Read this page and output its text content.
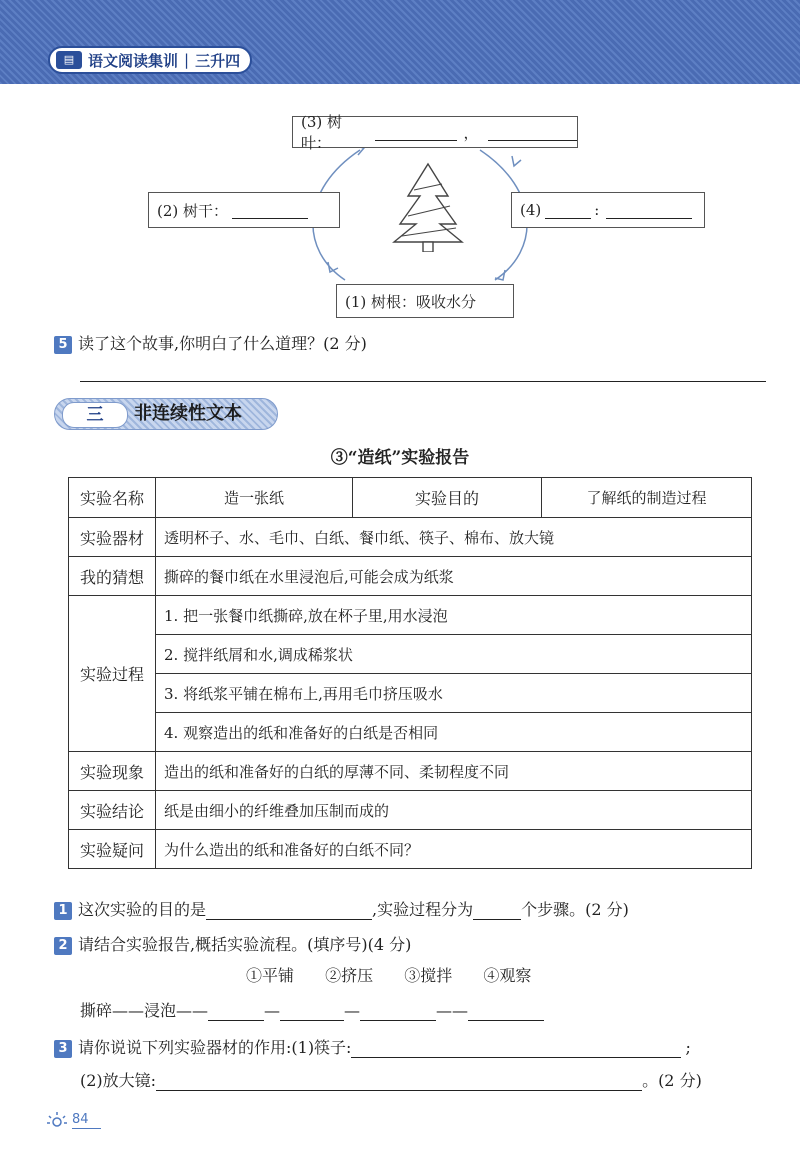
▤ 语文阅读集训 | 三升四
(3) 树叶：
，
(2) 树干：	(4)	:
(1) 树根：吸收水分
5 读了这个故事,你明白了什么道理？(2 分)
三	非连续性文本
③“造纸”实验报告
实验名称	造一张纸	实验目的	了解纸的制造过程
实验器材	透明杯子、水、毛巾、白纸、餐巾纸、筷子、棉布、放大镜		
我的猜想	撕碎的餐巾纸在水里浸泡后,可能会成为纸浆		
实验过程	1. 把一张餐巾纸撕碎,放在杯子里,用水浸泡		
	2. 搅拌纸屑和水,调成稀浆状		
	3. 将纸浆平铺在棉布上,再用毛巾挤压吸水		
	4. 观察造出的纸和准备好的白纸是否相同		
实验现象	造出的纸和准备好的白纸的厚薄不同、柔韧程度不同		
实验结论	纸是由细小的纤维叠加压制而成的		
实验疑问	为什么造出的纸和准备好的白纸不同？		
1 这次实验的目的是	,实验过程分为	个步骤。(2 分)
2 请结合实验报告,概括实验流程。(填序号)(4 分)
①平铺 ②挤压 ③搅拌 ④观察
撕碎——浸泡——	—	—	——
3 请你说说下列实验器材的作用:(1)筷子:	;
(2)放大镜:	。(2 分)
84
